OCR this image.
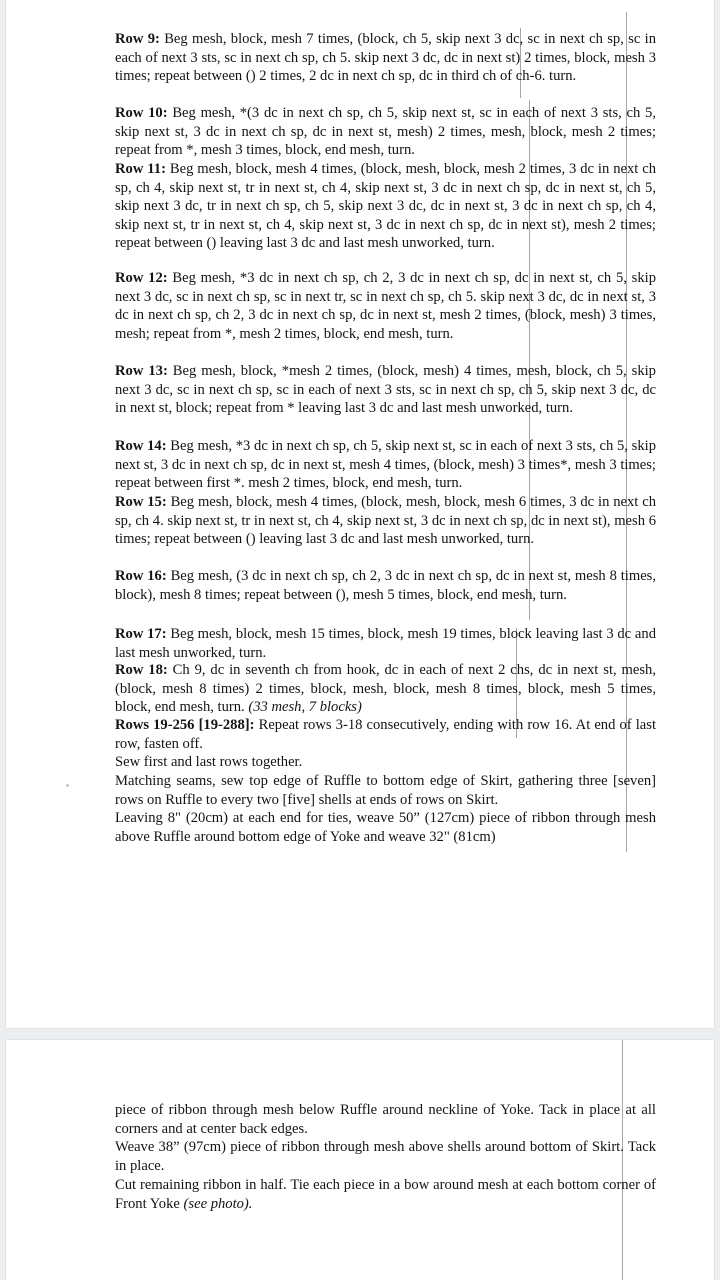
Row 9: Beg mesh, block, mesh 7 times, (block, ch 5, skip next 3 dc, sc in next ch sp, sc in each of next 3 sts, sc in next ch sp, ch 5. skip next 3 dc, dc in next st) 2 times, block, mesh 3 times; repeat between () 2 times, 2 dc in next ch sp, dc in third ch of ch-6. turn.
Row 10: Beg mesh, *(3 dc in next ch sp, ch 5, skip next st, sc in each of next 3 sts, ch 5, skip next st, 3 dc in next ch sp, dc in next st, mesh) 2 times, mesh, block, mesh 2 times; repeat from *, mesh 3 times, block, end mesh, turn.
Row 11: Beg mesh, block, mesh 4 times, (block, mesh, block, mesh 2 times, 3 dc in next ch sp, ch 4, skip next st, tr in next st, ch 4, skip next st, 3 dc in next ch sp, dc in next st, ch 5, skip next 3 dc, tr in next ch sp, ch 5, skip next 3 dc, dc in next st, 3 dc in next ch sp, ch 4, skip next st, tr in next st, ch 4, skip next st, 3 dc in next ch sp, dc in next st), mesh 2 times; repeat between () leaving last 3 dc and last mesh unworked, turn.
Row 12: Beg mesh, *3 dc in next ch sp, ch 2, 3 dc in next ch sp, dc in next st, ch 5, skip next 3 dc, sc in next ch sp, sc in next tr, sc in next ch sp, ch 5. skip next 3 dc, dc in next st, 3 dc in next ch sp, ch 2, 3 dc in next ch sp, dc in next st, mesh 2 times, (block, mesh) 3 times, mesh; repeat from *, mesh 2 times, block, end mesh, turn.
Row 13: Beg mesh, block, *mesh 2 times, (block, mesh) 4 times, mesh, block, ch 5, skip next 3 dc, sc in next ch sp, sc in each of next 3 sts, sc in next ch sp, ch 5, skip next 3 dc, dc in next st, block; repeat from * leaving last 3 dc and last mesh unworked, turn.
Row 14: Beg mesh, *3 dc in next ch sp, ch 5, skip next st, sc in each of next 3 sts, ch 5, skip next st, 3 dc in next ch sp, dc in next st, mesh 4 times, (block, mesh) 3 times*, mesh 3 times; repeat between first *. mesh 2 times, block, end mesh, turn.
Row 15: Beg mesh, block, mesh 4 times, (block, mesh, block, mesh 6 times, 3 dc in next ch sp, ch 4. skip next st, tr in next st, ch 4, skip next st, 3 dc in next ch sp, dc in next st), mesh 6 times; repeat between () leaving last 3 dc and last mesh unworked, turn.
Row 16: Beg mesh, (3 dc in next ch sp, ch 2, 3 dc in next ch sp, dc in next st, mesh 8 times, block), mesh 8 times; repeat between (), mesh 5 times, block, end mesh, turn.
Row 17: Beg mesh, block, mesh 15 times, block, mesh 19 times, block leaving last 3 dc and last mesh unworked, turn.
Row 18: Ch 9, dc in seventh ch from hook, dc in each of next 2 chs, dc in next st, mesh, (block, mesh 8 times) 2 times, block, mesh, block, mesh 8 times, block, mesh 5 times, block, end mesh, turn. (33 mesh, 7 blocks)
Rows 19-256 [19-288]: Repeat rows 3-18 consecutively, ending with row 16. At end of last row, fasten off.
Sew first and last rows together.
Matching seams, sew top edge of Ruffle to bottom edge of Skirt, gathering three [seven] rows on Ruffle to every two [five] shells at ends of rows on Skirt.
Leaving 8" (20cm) at each end for ties, weave 50” (127cm) piece of ribbon through mesh above Ruffle around bottom edge of Yoke and weave 32" (81cm)
piece of ribbon through mesh below Ruffle around neckline of Yoke. Tack in place at all corners and at center back edges.
Weave 38” (97cm) piece of ribbon through mesh above shells around bottom of Skirt. Tack in place.
Cut remaining ribbon in half. Tie each piece in a bow around mesh at each bottom corner of Front Yoke (see photo).
